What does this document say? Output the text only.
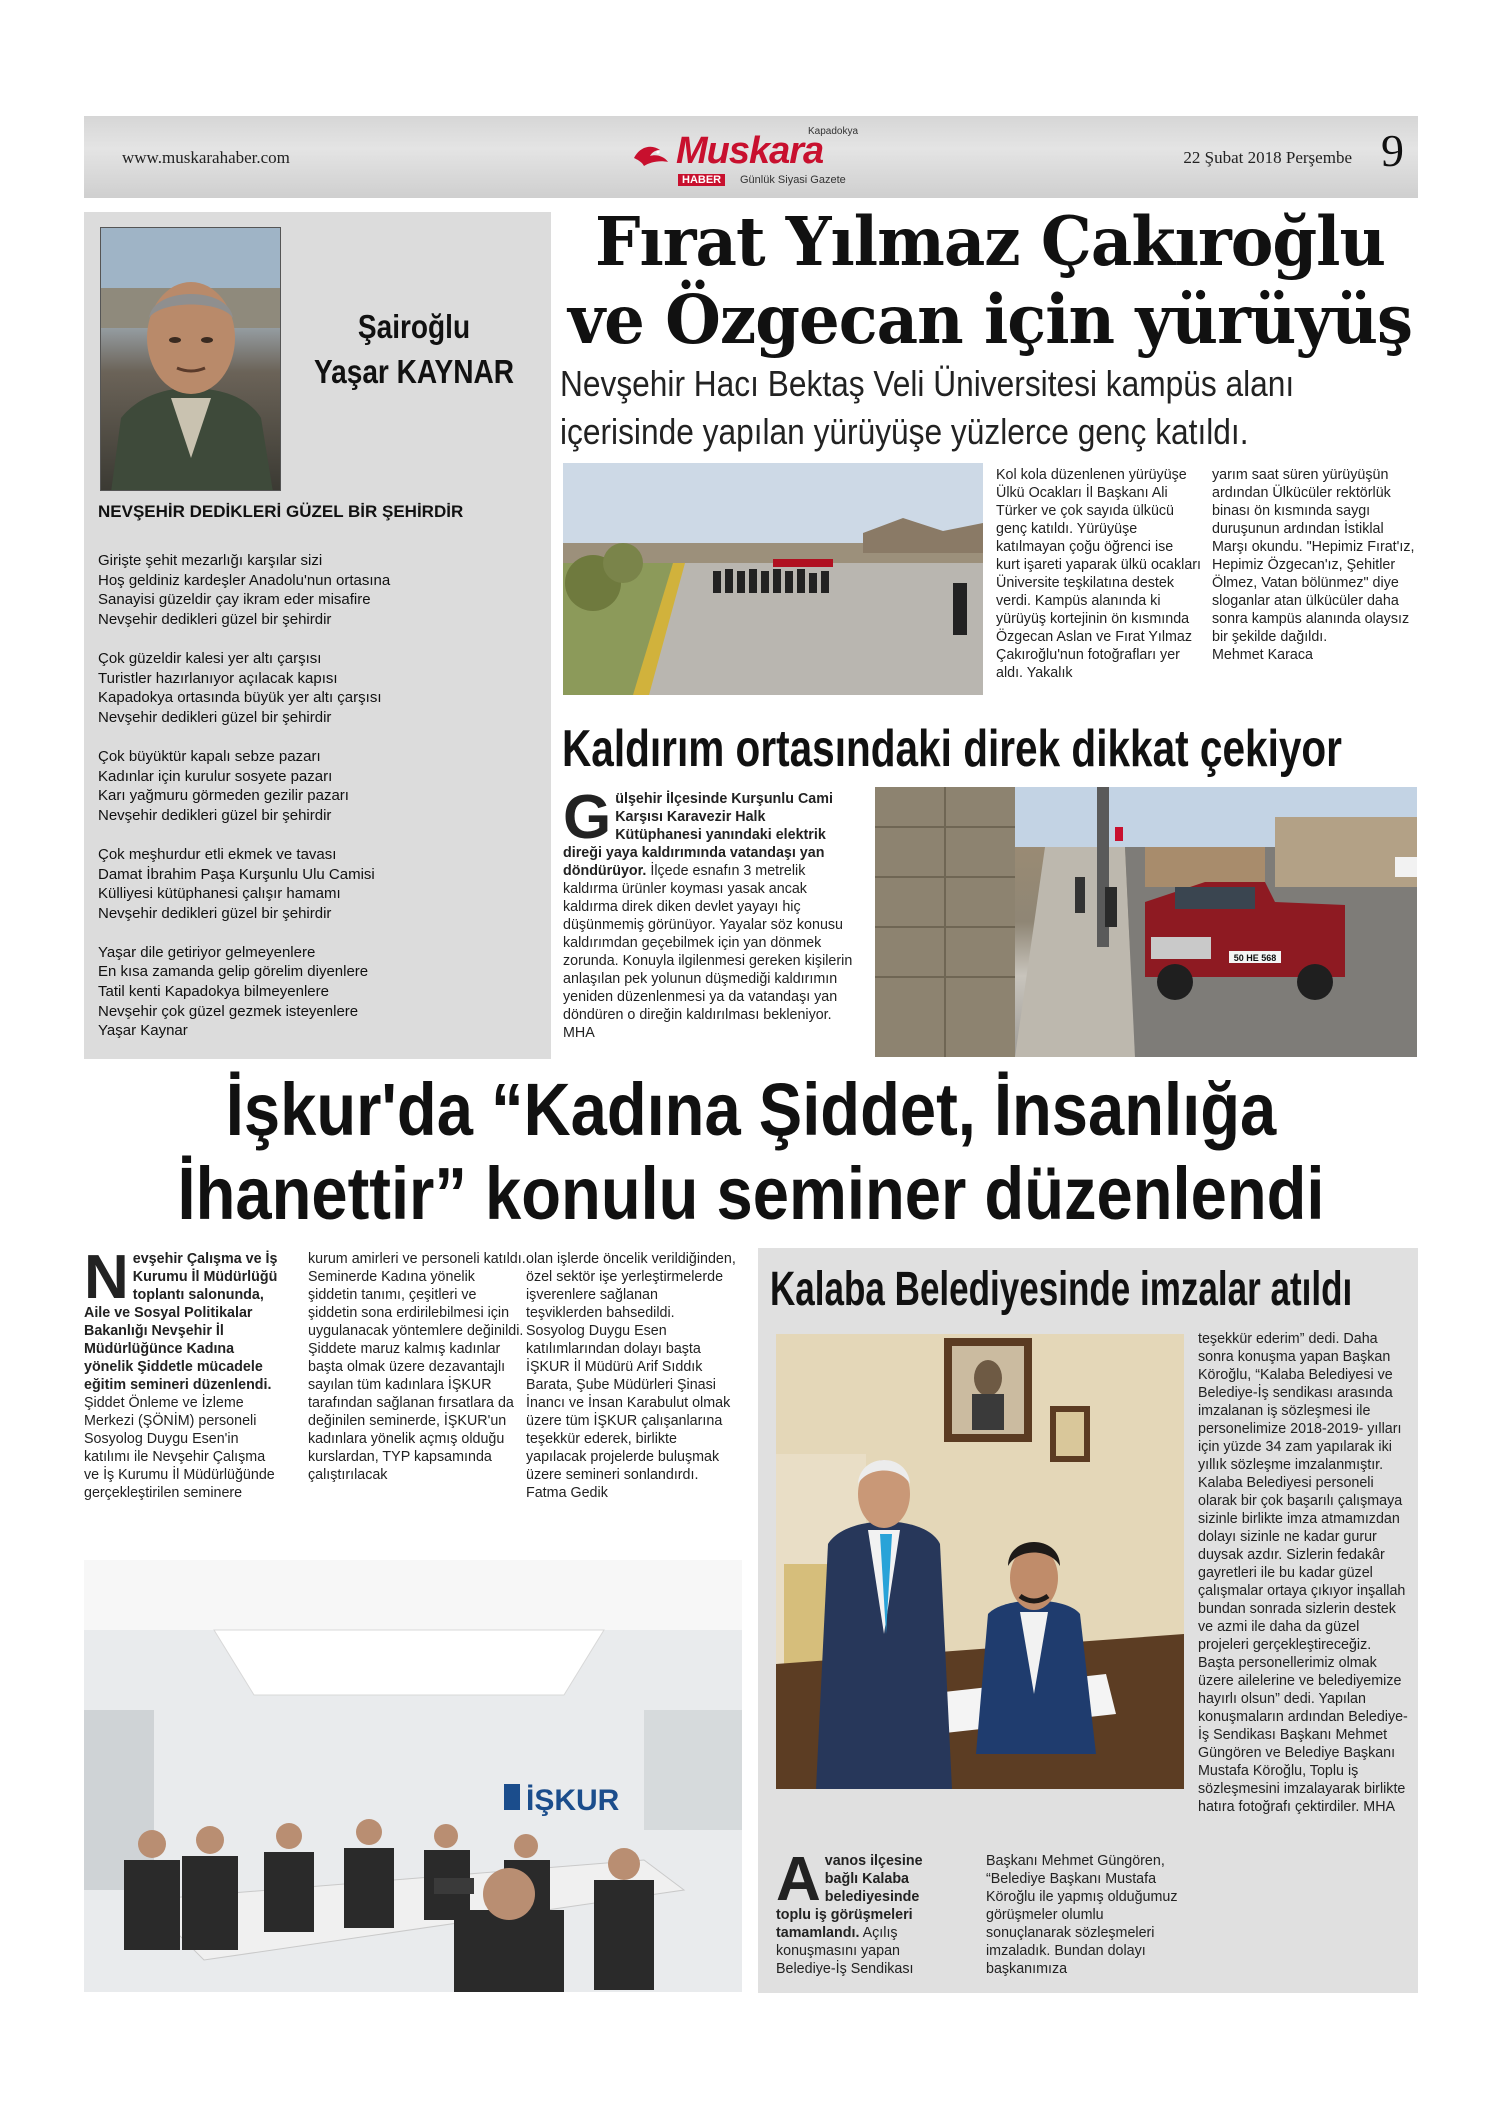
www.muskarahaber.com
Kapadokya
Muskara
HABER	Günlük Siyasi Gazete
22 Şubat 2018 Perşembe 9
Şairoğlu
Yaşar KAYNAR
NEVŞEHİR DEDİKLERİ GÜZEL BİR ŞEHİRDİR
Girişte şehit mezarlığı karşılar sizi
Hoş geldiniz kardeşler Anadolu'nun ortasına
Sanayisi güzeldir çay ikram eder misafire
Nevşehir dedikleri güzel bir şehirdir
Çok güzeldir kalesi yer altı çarşısı
Turistler hazırlanıyor açılacak kapısı
Kapadokya ortasında büyük yer altı çarşısı
Nevşehir dedikleri güzel bir şehirdir
Çok büyüktür kapalı sebze pazarı
Kadınlar için kurulur sosyete pazarı
Karı yağmuru görmeden gezilir pazarı
Nevşehir dedikleri güzel bir şehirdir
Çok meşhurdur etli ekmek ve tavası
Damat İbrahim Paşa Kurşunlu Ulu Camisi
Külliyesi kütüphanesi çalışır hamamı
Nevşehir dedikleri güzel bir şehirdir
Yaşar dile getiriyor gelmeyenlere
En kısa zamanda gelip görelim diyenlere
Tatil kenti Kapadokya bilmeyenlere
Nevşehir çok güzel gezmek isteyenlere
Yaşar Kaynar
Fırat Yılmaz Çakıroğlu
ve Özgecan için yürüyüş
Nevşehir Hacı Bektaş Veli Üniversitesi kampüs alanı
içerisinde yapılan yürüyüşe yüzlerce genç katıldı.
Kol kola düzenlenen yürüyüşe Ülkü Ocakları İl Başkanı Ali Türker ve çok sayıda ülkücü genç katıldı. Yürüyüşe katılmayan çoğu öğrenci ise kurt işareti yaparak ülkü ocakları Üniversite teşkilatına destek verdi. Kampüs alanında ki yürüyüş kortejinin ön kısmında Özgecan Aslan ve Fırat Yılmaz Çakıroğlu'nun fotoğrafları yer aldı. Yakalık
yarım saat süren yürüyüşün ardından Ülkücüler rektörlük binası ön kısmında saygı duruşunun ardından İstiklal Marşı okundu. "Hepimiz Fırat'ız, Hepimiz Özgecan'ız, Şehitler Ölmez, Vatan bölünmez" diye sloganlar atan ülkücüler daha sonra kampüs alanında olaysız bir şekilde dağıldı.
Mehmet Karaca
Kaldırım ortasındaki direk dikkat çekiyor
Gülşehir İlçesinde Kurşunlu Cami Karşısı Karavezir Halk Kütüphanesi yanındaki elektrik direği yaya kaldırımında vatandaşı yan döndürüyor. İlçede esnafın 3 metrelik kaldırma ürünler koyması yasak ancak kaldırma direk diken devlet yayayı hiç düşünmemiş görünüyor. Yayalar söz konusu kaldırımdan geçebilmek için yan dönmek zorunda. Konuyla ilgilenmesi gereken kişilerin anlaşılan pek yolunun düşmediği kaldırımın yeniden düzenlenmesi ya da vatandaşı yan döndüren o direğin kaldırılması bekleniyor. MHA
50 HE 568
İşkur'da “Kadına Şiddet, İnsanlığa
İhanettir” konulu seminer düzenlendi
Nevşehir Çalışma ve İş Kurumu İl Müdürlüğü toplantı salonunda, Aile ve Sosyal Politikalar Bakanlığı Nevşehir İl Müdürlüğünce Kadına yönelik Şiddetle mücadele eğitim semineri düzenlendi. Şiddet Önleme ve İzleme Merkezi (ŞÖNİM) personeli Sosyolog Duygu Esen'in katılımı ile Nevşehir Çalışma ve İş Kurumu İl Müdürlüğünde gerçekleştirilen seminere
kurum amirleri ve personeli katıldı. Seminerde Kadına yönelik şiddetin tanımı, çeşitleri ve şiddetin sona erdirilebilmesi için uygulanacak yöntemlere değinildi. Şiddete maruz kalmış kadınlar başta olmak üzere dezavantajlı sayılan tüm kadınlara İŞKUR tarafından sağlanan fırsatlara da değinilen seminerde, İŞKUR'un kadınlara yönelik açmış olduğu kurslardan, TYP kapsamında çalıştırılacak
olan işlerde öncelik verildiğinden, özel sektör işe yerleştirmelerde işverenlere sağlanan teşviklerden bahsedildi. Sosyolog Duygu Esen katılımlarından dolayı başta İŞKUR İl Müdürü Arif Sıddık Barata, Şube Müdürleri Şinasi İnancı ve İnsan Karabulut olmak üzere tüm İŞKUR çalışanlarına teşekkür ederek, birlikte yapılacak projelerde buluşmak üzere semineri sonlandırdı. Fatma Gedik
İŞKUR
Kalaba Belediyesinde imzalar atıldı
teşekkür ederim” dedi. Daha sonra konuşma yapan Başkan Köroğlu, “Kalaba Belediyesi ve Belediye-İş sendikası arasında imzalanan iş sözleşmesi ile personelimize 2018-2019- yılları için yüzde 34 zam yapılarak iki yıllık sözleşme imzalanmıştır. Kalaba Belediyesi personeli olarak bir çok başarılı çalışmaya sizinle birlikte imza atmamızdan dolayı sizinle ne kadar gurur duysak azdır. Sizlerin fedakâr gayretleri ile bu kadar güzel çalışmalar ortaya çıkıyor inşallah bundan sonrada sizlerin destek ve azmi ile daha da güzel projeleri gerçekleştireceğiz. Başta personellerimiz olmak üzere ailelerine ve belediyemize hayırlı olsun” dedi. Yapılan konuşmaların ardından Belediye-İş Sendikası Başkanı Mehmet Güngören ve Belediye Başkanı Mustafa Köroğlu, Toplu iş sözleşmesini imzalayarak birlikte hatıra fotoğrafı çektirdiler. MHA
Avanos ilçesine bağlı Kalaba belediyesinde toplu iş görüşmeleri tamamlandı. Açılış konuşmasını yapan Belediye-İş Sendikası
Başkanı Mehmet Güngören, “Belediye Başkanı Mustafa Köroğlu ile yapmış olduğumuz görüşmeler olumlu sonuçlanarak sözleşmeleri imzaladık. Bundan dolayı başkanımıza
